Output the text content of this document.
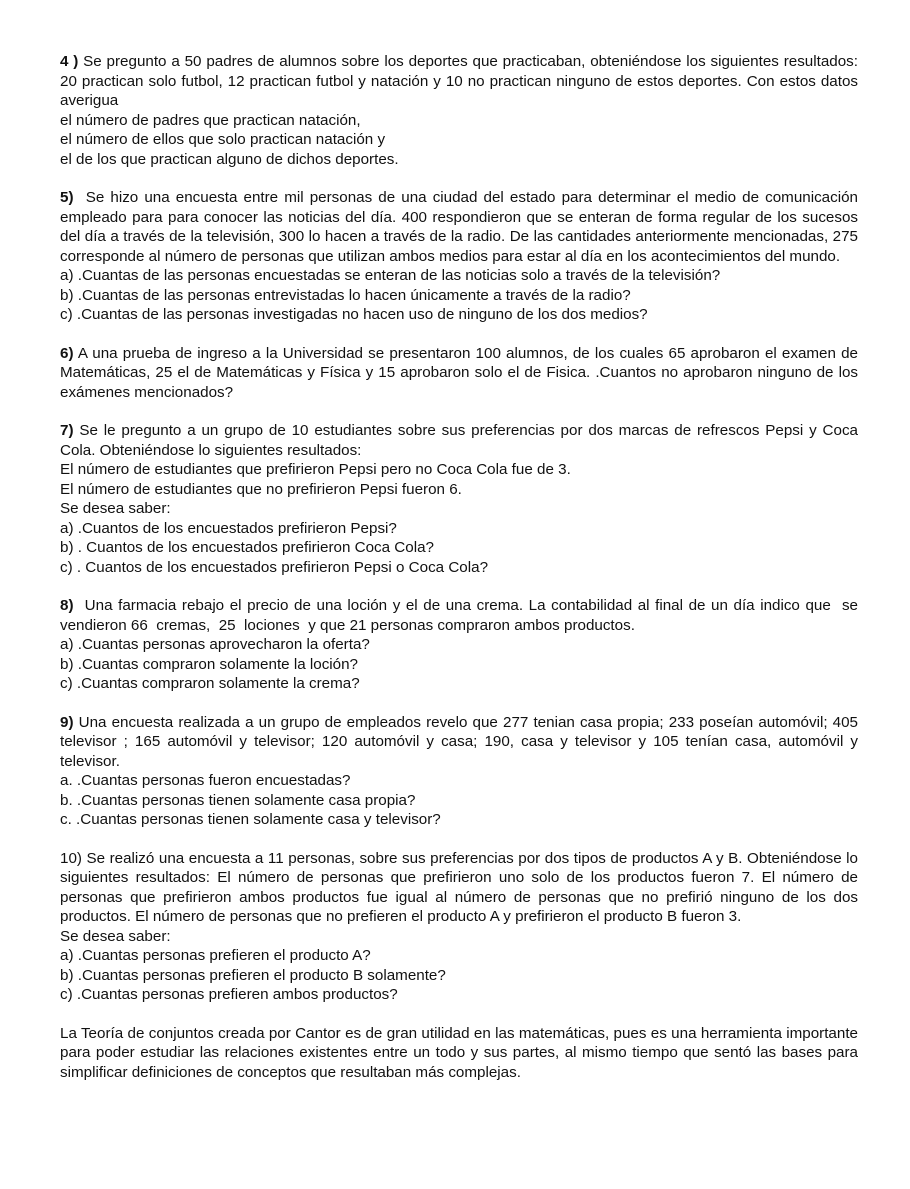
4 ) Se pregunto a 50 padres de alumnos sobre los deportes que practicaban, obteniéndose los siguientes resultados: 20 practican solo futbol, 12 practican futbol y natación y 10 no practican ninguno de estos deportes. Con estos datos averigua

el número de padres que practican natación,
el número de ellos que solo practican natación y
el de los que practican alguno de dichos deportes.

5)  Se hizo una encuesta entre mil personas de una ciudad del estado para determinar el medio de comunicación empleado para para conocer las noticias del día. 400 respondieron que se enteran de forma regular de los sucesos del día a través de la televisión, 300 lo hacen a través de la radio. De las cantidades anteriormente mencionadas, 275 corresponde al número de personas que utilizan ambos medios para estar al día en los acontecimientos del mundo.

a) .Cuantas de las personas encuestadas se enteran de las noticias solo a través de la televisión?
b) .Cuantas de las personas entrevistadas lo hacen únicamente a través de la radio?
c) .Cuantas de las personas investigadas no hacen uso de ninguno de los dos medios?

6) A una prueba de ingreso a la Universidad se presentaron 100 alumnos, de los cuales 65 aprobaron el examen de Matemáticas, 25 el de Matemáticas y Física y 15 aprobaron solo el de Fisica. .Cuantos no aprobaron ninguno de los exámenes mencionados?

7) Se le pregunto a un grupo de 10 estudiantes sobre sus preferencias por dos marcas de refrescos Pepsi y Coca Cola. Obteniéndose lo siguientes resultados:

El número de estudiantes que prefirieron Pepsi pero no Coca Cola fue de 3.
El número de estudiantes que no prefirieron Pepsi fueron 6.
Se desea saber:
a) .Cuantos de los encuestados prefirieron Pepsi?
b) . Cuantos de los encuestados prefirieron Coca Cola?
c) . Cuantos de los encuestados prefirieron Pepsi o Coca Cola?

8)  Una farmacia rebajo el precio de una loción y el de una crema. La contabilidad al final de un día indico que  se vendieron 66  cremas,  25  lociones  y que 21 personas compraron ambos productos.

a) .Cuantas personas aprovecharon la oferta?
b) .Cuantas compraron solamente la loción?
c) .Cuantas compraron solamente la crema?

9) Una encuesta realizada a un grupo de empleados revelo que 277 tenian casa propia; 233 poseían automóvil; 405 televisor ; 165 automóvil y televisor; 120 automóvil y casa; 190, casa y televisor y 105 tenían casa, automóvil y televisor.

a. .Cuantas personas fueron encuestadas?
b. .Cuantas personas tienen solamente casa propia?
c. .Cuantas personas tienen solamente casa y televisor?

10) Se realizó una encuesta a 11 personas, sobre sus preferencias por dos tipos de productos A y B. Obteniéndose lo siguientes resultados: El número de personas que prefirieron uno solo de los productos fueron 7. El número de personas que prefirieron ambos productos fue igual al número de personas que no prefirió ninguno de los dos productos. El número de personas que no prefieren el producto A y prefirieron el producto B fueron 3.

Se desea saber:
a) .Cuantas personas prefieren el producto A?
b) .Cuantas personas prefieren el producto B solamente?
c) .Cuantas personas prefieren ambos productos?

La Teoría de conjuntos creada por Cantor es de gran utilidad en las matemáticas, pues es una herramienta importante para poder estudiar las relaciones existentes entre un todo y sus partes, al mismo tiempo que sentó las bases para simplificar definiciones de conceptos que resultaban más complejas.
